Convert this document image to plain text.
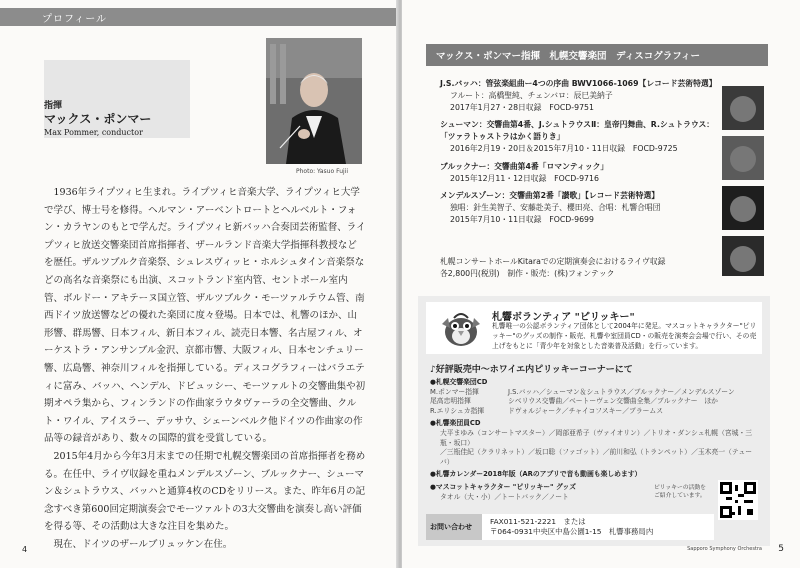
プロフィール
指揮
マックス・ポンマー
Max Pommer, conductor
Photo: Yasuo Fujii

1936年ライプツィヒ生まれ。ライプツィヒ音楽大学、ライプツィヒ大学で学び、博士号を修得。ヘルマン・アーベントロートとヘルベルト・フォン・カラヤンのもとで学んだ。ライプツィヒ新バッハ合奏団芸術監督、ライプツィヒ放送交響楽団首席指揮者、ザールランド音楽大学指揮科教授などを歴任。ザルツブルク音楽祭、シュレスヴィッヒ・ホルシュタイン音楽祭などの高名な音楽祭にも出演、スコットランド室内管、セントポール室内管、ボルドー・アキテーヌ国立管、ザルツブルク・モーツァルテウム管、南西ドイツ放送響などの優れた楽団に度々登場。日本では、札響のほか、山形響、群馬響、日本フィル、新日本フィル、読売日本響、名古屋フィル、オーケストラ・アンサンブル金沢、京都市響、大阪フィル、日本センチュリー響、広島響、神奈川フィルを指揮している。ディスコグラフィーはバラエティに富み、バッハ、ヘンデル、ドビュッシー、モーツァルトの交響曲集や初期オペラ集から、フィンランドの作曲家ラウタヴァーラの全交響曲、クルト・ワイル、アイスラー、デッサウ、シェーンベルク他ドイツの作曲家の作品等の録音があり、数々の国際的賞を受賞している。

2015年4月から今年3月末までの任期で札幌交響楽団の首席指揮者を務める。在任中、ライヴ収録を重ねメンデルスゾーン、ブルックナー、シューマン＆シュトラウス、バッハと通算4枚のCDをリリース。また、昨年6月の記念すべき第600回定期演奏会でモーツァルトの3大交響曲を演奏し高い評価を得る等、その活動は大きな注目を集めた。

現在、ドイツのザールブリュッケン在住。

4
マックス・ポンマー指揮　札幌交響楽団　ディスコグラフィー
J.S.バッハ：管弦楽組曲ー4つの序曲 BWV1066-1069【レコード芸術特選】
フルート：高橋聖純、チェンバロ：辰巳美納子
2017年1月27・28日収録　FOCD-9751
シューマン：交響曲第4番、J.シュトラウスⅡ：皇帝円舞曲、R.シュトラウス：「ツァラトゥストラはかく語りき」
2016年2月19・20日＆2015年7月10・11日収録　FOCD-9725
ブルックナー：交響曲第4番「ロマンティック」
2015年12月11・12日収録　FOCD-9716
メンデルスゾーン：交響曲第2番「讃歌」【レコード芸術特選】
独唱：針生美智子、安藤赴美子、櫻田亮、合唱：札響合唱団
2015年7月10・11日収録　FOCD-9699
札幌コンサートホールKitaraでの定期演奏会におけるライヴ収録
各2,800円(税別)　制作・販売：(株)フォンテック
札響ボランティア "ピリッキー"
札響唯一の公認ボランティア団体として2004年に発足。マスコットキャラクター"ピリッキー"のグッズの制作・販売、札響や室団員CD・の販売を演奏会会場で行い、その売上げをもとに「青少年を対象とした音楽普及活動」を行っています。
♪好評販売中〜ホワイエ内ピリッキーコーナーにて
●札幌交響楽団CD
M.ポンマー指揮	J.S.バッハ／シューマン＆シュトラウス／ブルックナー／メンデルスゾーン
尾高忠明指揮	シベリウス交響曲／ベートーヴェン交響曲全集／ブルックナー　ほか
R.エリシュカ指揮	ドヴォルジャーク／チャイコフスキー／ブラームス
●札響楽団員CD
大平まゆみ（コンサートマスター）／岡部亜希子（ヴァイオリン）／トリオ・ダンシュ札幌（宮城・三瓶・坂口）
／三瓶佳紀（クラリネット）／坂口聡（ファゴット）／前川和弘（トランペット）／玉木亮一（テューバ）
●札響カレンダー2018年版（ARのアプリで音も動画も楽しめます）
●マスコットキャラクター "ピリッキー" グッズ
タオル（大・小）／トートバック／ノート
ピリッキーの活動を
ご紹介しています。
お問い合わせ
FAX011-521-2221　または
〒064-0931中央区中島公園1-15　札響事務局内
Sapporo Symphony Orchestra 5
